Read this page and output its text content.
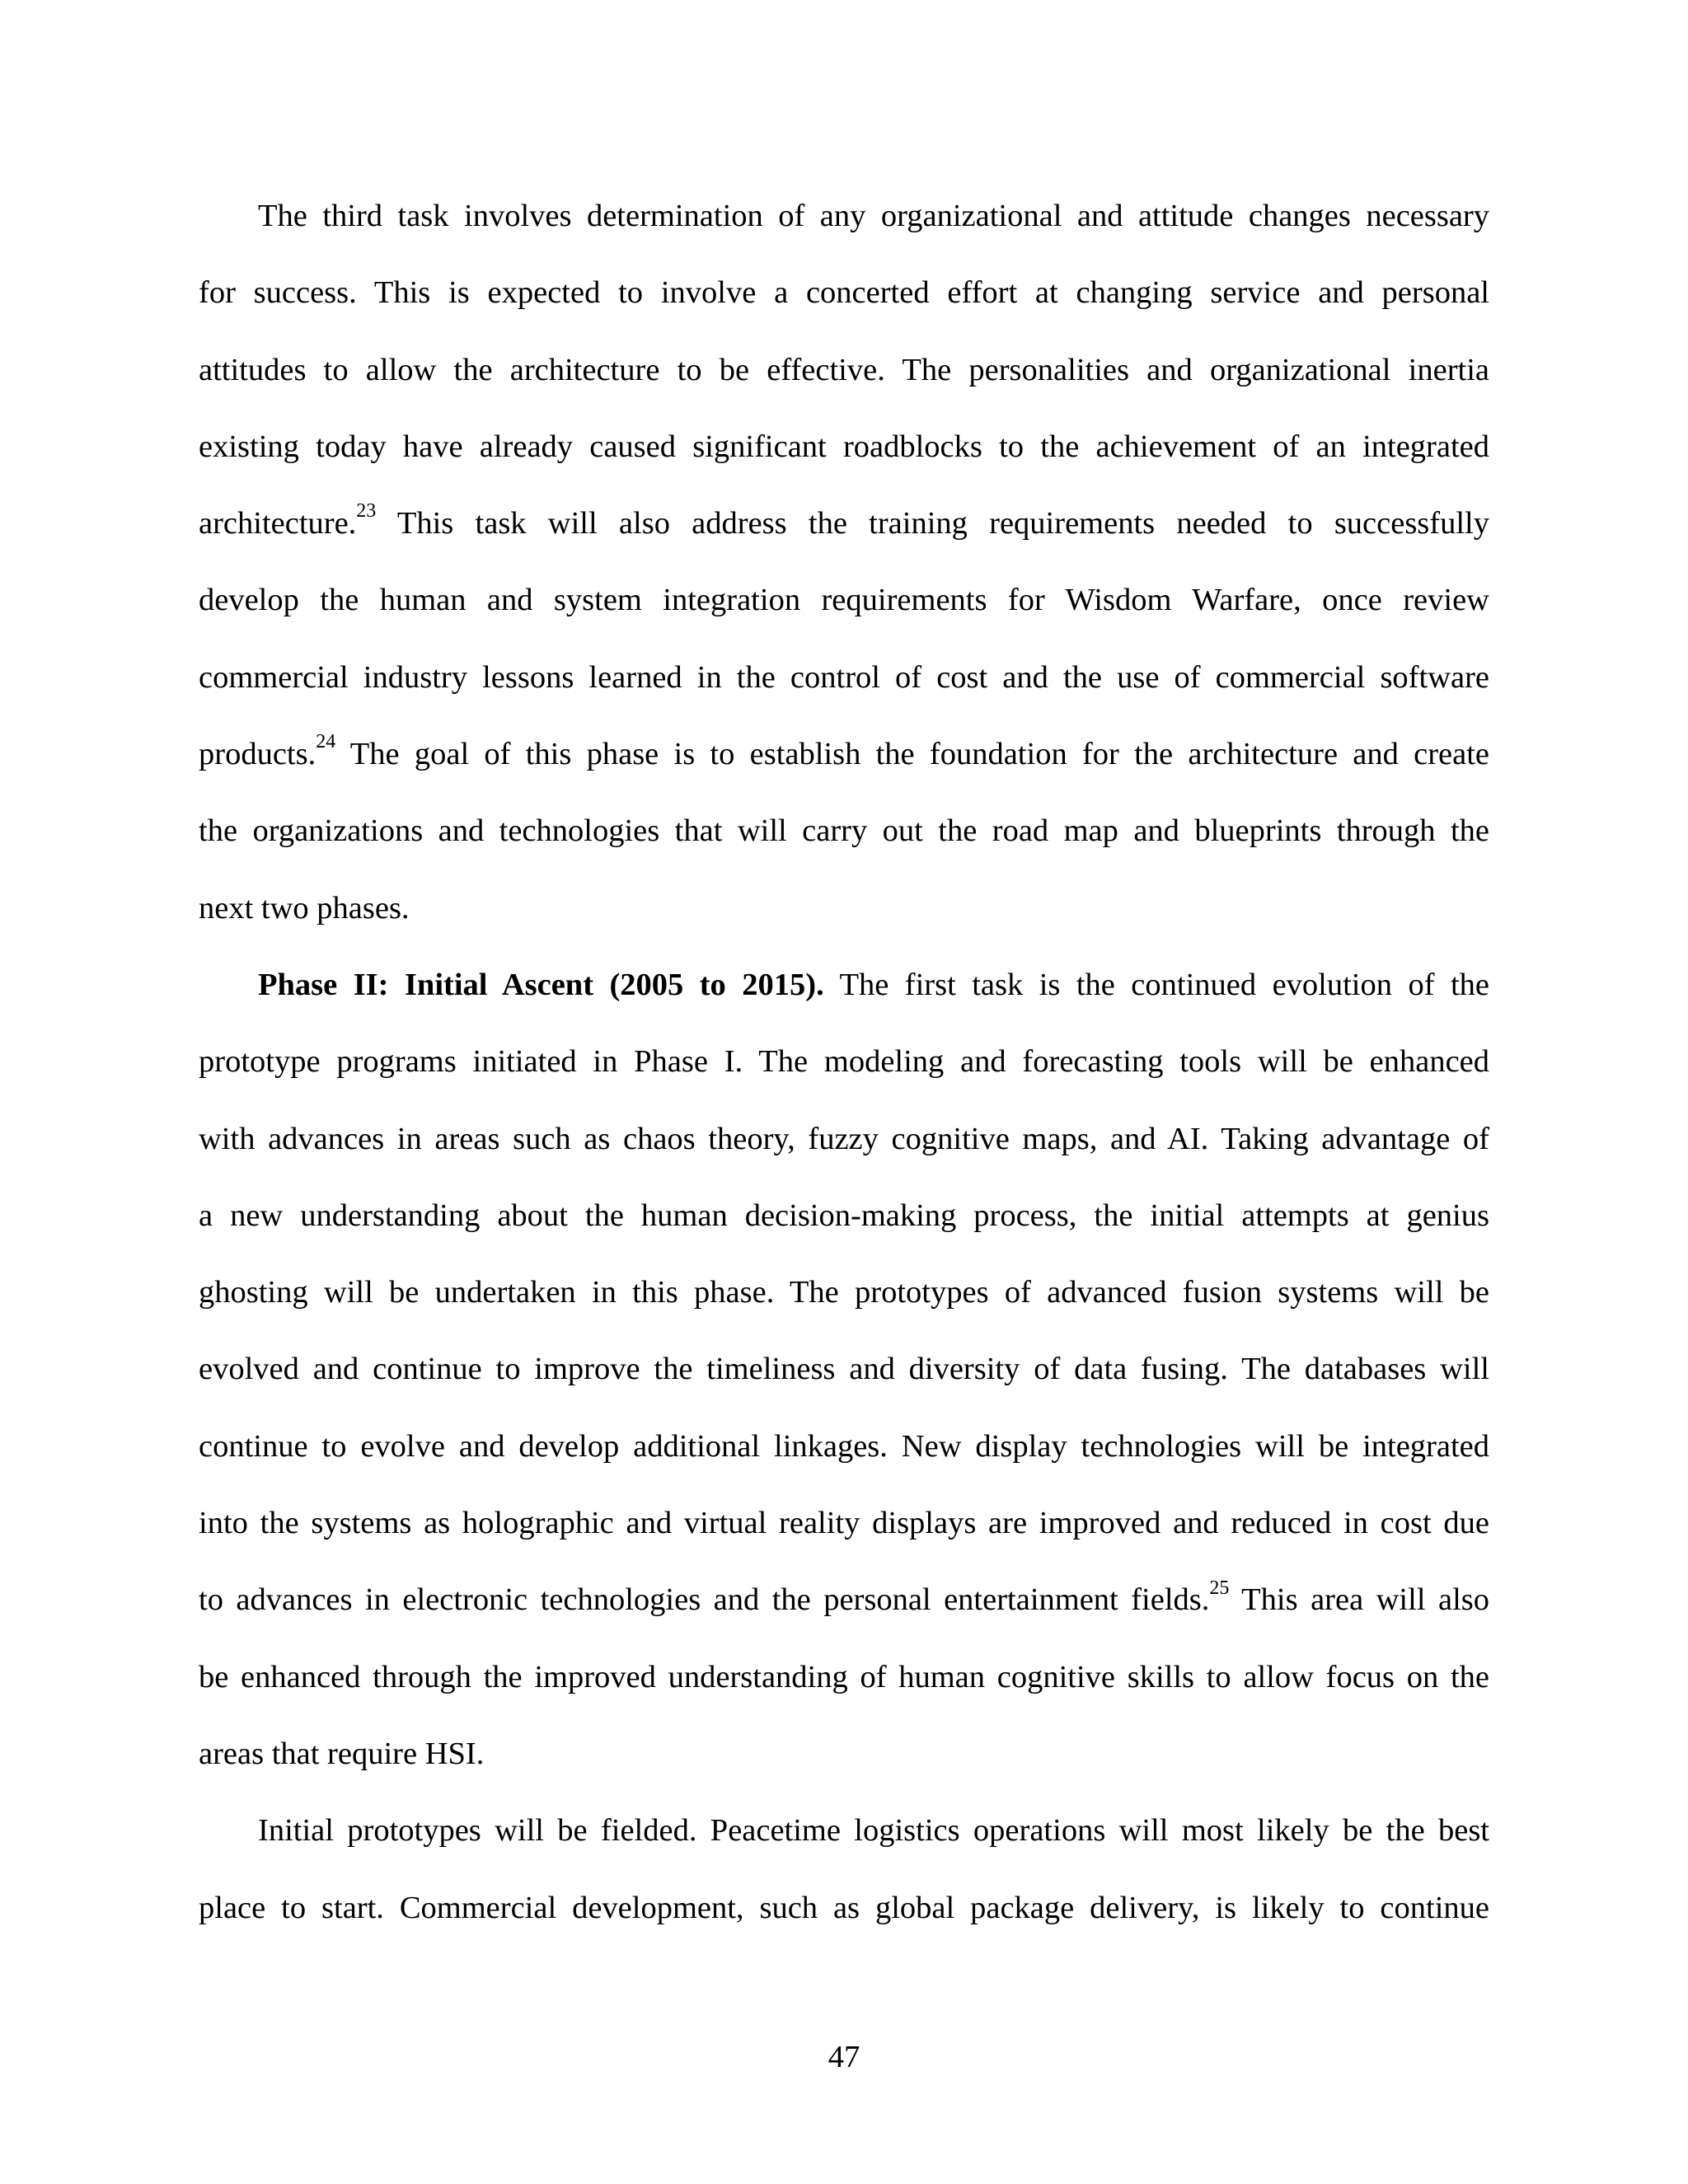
The third task involves determination of any organizational and attitude changes necessary
for success. This is expected to involve a concerted effort at changing service and personal
attitudes to allow the architecture to be effective. The personalities and organizational inertia
existing today have already caused significant roadblocks to the achievement of an integrated
architecture.$^{23}$ This task will also address the training requirements needed to successfully
develop the human and system integration requirements for Wisdom Warfare, once review
commercial industry lessons learned in the control of cost and the use of commercial software
products.$^{24}$ The goal of this phase is to establish the foundation for the architecture and create
the organizations and technologies that will carry out the road map and blueprints through the
next two phases.
Phase II: Initial Ascent (2005 to 2015). The first task is the continued evolution of the
prototype programs initiated in Phase I. The modeling and forecasting tools will be enhanced
with advances in areas such as chaos theory, fuzzy cognitive maps, and AI. Taking advantage of
a new understanding about the human decision-making process, the initial attempts at genius
ghosting will be undertaken in this phase. The prototypes of advanced fusion systems will be
evolved and continue to improve the timeliness and diversity of data fusing. The databases will
continue to evolve and develop additional linkages. New display technologies will be integrated
into the systems as holographic and virtual reality displays are improved and reduced in cost due
to advances in electronic technologies and the personal entertainment fields.$^{25}$ This area will also
be enhanced through the improved understanding of human cognitive skills to allow focus on the
areas that require HSI.
Initial prototypes will be fielded. Peacetime logistics operations will most likely be the best
place to start. Commercial development, such as global package delivery, is likely to continue
47
